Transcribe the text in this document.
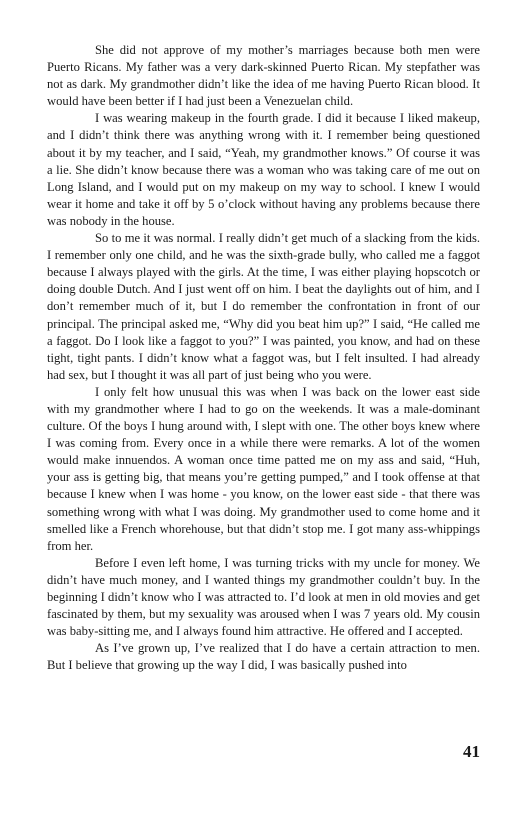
She did not approve of my mother’s marriages because both men were Puerto Ricans. My father was a very dark-skinned Puerto Rican. My stepfather was not as dark. My grandmother didn’t like the idea of me having Puerto Rican blood. It would have been better if I had just been a Venezuelan child.

I was wearing makeup in the fourth grade. I did it because I liked makeup, and I didn’t think there was anything wrong with it. I remember being questioned about it by my teacher, and I said, “Yeah, my grandmother knows.” Of course it was a lie. She didn’t know because there was a woman who was taking care of me out on Long Island, and I would put on my makeup on my way to school. I knew I would wear it home and take it off by 5 o’clock without having any problems because there was nobody in the house.

So to me it was normal. I really didn’t get much of a slacking from the kids. I remember only one child, and he was the sixth-grade bully, who called me a faggot because I always played with the girls. At the time, I was either playing hopscotch or doing double Dutch. And I just went off on him. I beat the daylights out of him, and I don’t remember much of it, but I do remember the confrontation in front of our principal. The principal asked me, “Why did you beat him up?” I said, “He called me a faggot. Do I look like a faggot to you?” I was painted, you know, and had on these tight, tight pants. I didn’t know what a faggot was, but I felt insulted. I had already had sex, but I thought it was all part of just being who you were.

I only felt how unusual this was when I was back on the lower east side with my grandmother where I had to go on the weekends. It was a male-dominant culture. Of the boys I hung around with, I slept with one. The other boys knew where I was coming from. Every once in a while there were remarks. A lot of the women would make innuendos. A woman once time patted me on my ass and said, “Huh, your ass is getting big, that means you’re getting pumped,” and I took offense at that because I knew when I was home - you know, on the lower east side - that there was something wrong with what I was doing. My grandmother used to come home and it smelled like a French whorehouse, but that didn’t stop me. I got many ass-whippings from her.

Before I even left home, I was turning tricks with my uncle for money. We didn’t have much money, and I wanted things my grandmother couldn’t buy. In the beginning I didn’t know who I was attracted to. I’d look at men in old movies and get fascinated by them, but my sexuality was aroused when I was 7 years old. My cousin was baby-sitting me, and I always found him attractive. He offered and I accepted.

As I’ve grown up, I’ve realized that I do have a certain attraction to men. But I believe that growing up the way I did, I was basically pushed into

41
